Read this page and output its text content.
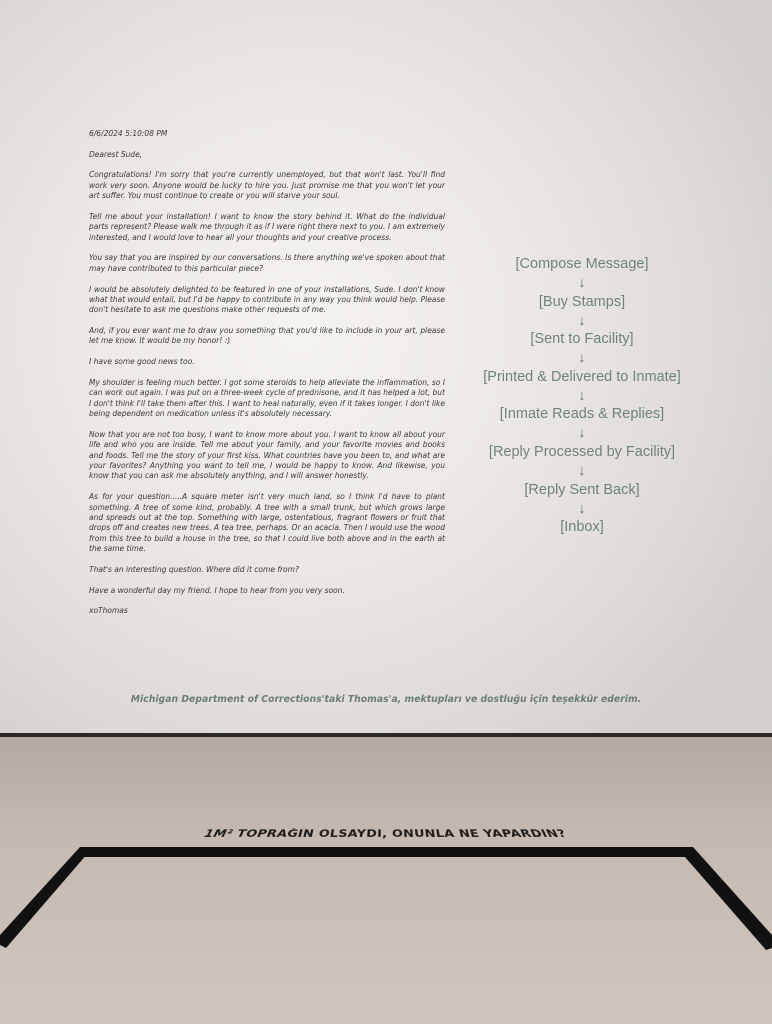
6/6/2024 5:10:08 PM

Dearest Sude,

Congratulations! I'm sorry that you're currently unemployed, but that won't last. You'll find work very soon. Anyone would be lucky to hire you. Just promise me that you won't let your art suffer. You must continue to create or you will starve your soul.

Tell me about your installation! I want to know the story behind it. What do the individual parts represent? Please walk me through it as if I were right there next to you. I am extremely interested, and I would love to hear all your thoughts and your creative process.

You say that you are inspired by our conversations. Is there anything we've spoken about that may have contributed to this particular piece?

I would be absolutely delighted to be featured in one of your installations, Sude. I don't know what that would entail, but I'd be happy to contribute in any way you think would help. Please don't hesitate to ask me questions make other requests of me.

And, if you ever want me to draw you something that you'd like to include in your art, please let me know. It would be my honor! :)

I have some good news too.

My shoulder is feeling much better. I got some steroids to help alleviate the inflammation, so I can work out again. I was put on a three-week cycle of prednisone, and it has helped a lot, but I don't think I'll take them after this. I want to heal naturally, even if it takes longer. I don't like being dependent on medication unless it's absolutely necessary.

Now that you are not too busy, I want to know more about you. I want to know all about your life and who you are inside. Tell me about your family, and your favorite movies and books and foods. Tell me the story of your first kiss. What countries have you been to, and what are your favorites? Anything you want to tell me, I would be happy to know. And likewise, you know that you can ask me absolutely anything, and I will answer honestly.

As for your question.....A square meter isn't very much land, so I think I'd have to plant something. A tree of some kind, probably. A tree with a small trunk, but which grows large and spreads out at the top. Something with large, ostentatious, fragrant flowers or fruit that drops off and creates new trees. A tea tree, perhaps. Or an acacia. Then I would use the wood from this tree to build a house in the tree, so that I could live both above and in the earth at the same time.

That's an interesting question. Where did it come from?

Have a wonderful day my friend. I hope to hear from you very soon.

xoThomas

[Compose Message]
↓
[Buy Stamps]
↓
[Sent to Facility]
↓
[Printed & Delivered to Inmate]
↓
[Inmate Reads & Replies]
↓
[Reply Processed by Facility]
↓
[Reply Sent Back]
↓
[Inbox]
Michigan Department of Corrections'taki Thomas'a, mektupları ve dostluğu için teşekkür ederim.
1M² TOPRAĞIN OLSAYDI, ONUNLA NE YAPARDIN?
